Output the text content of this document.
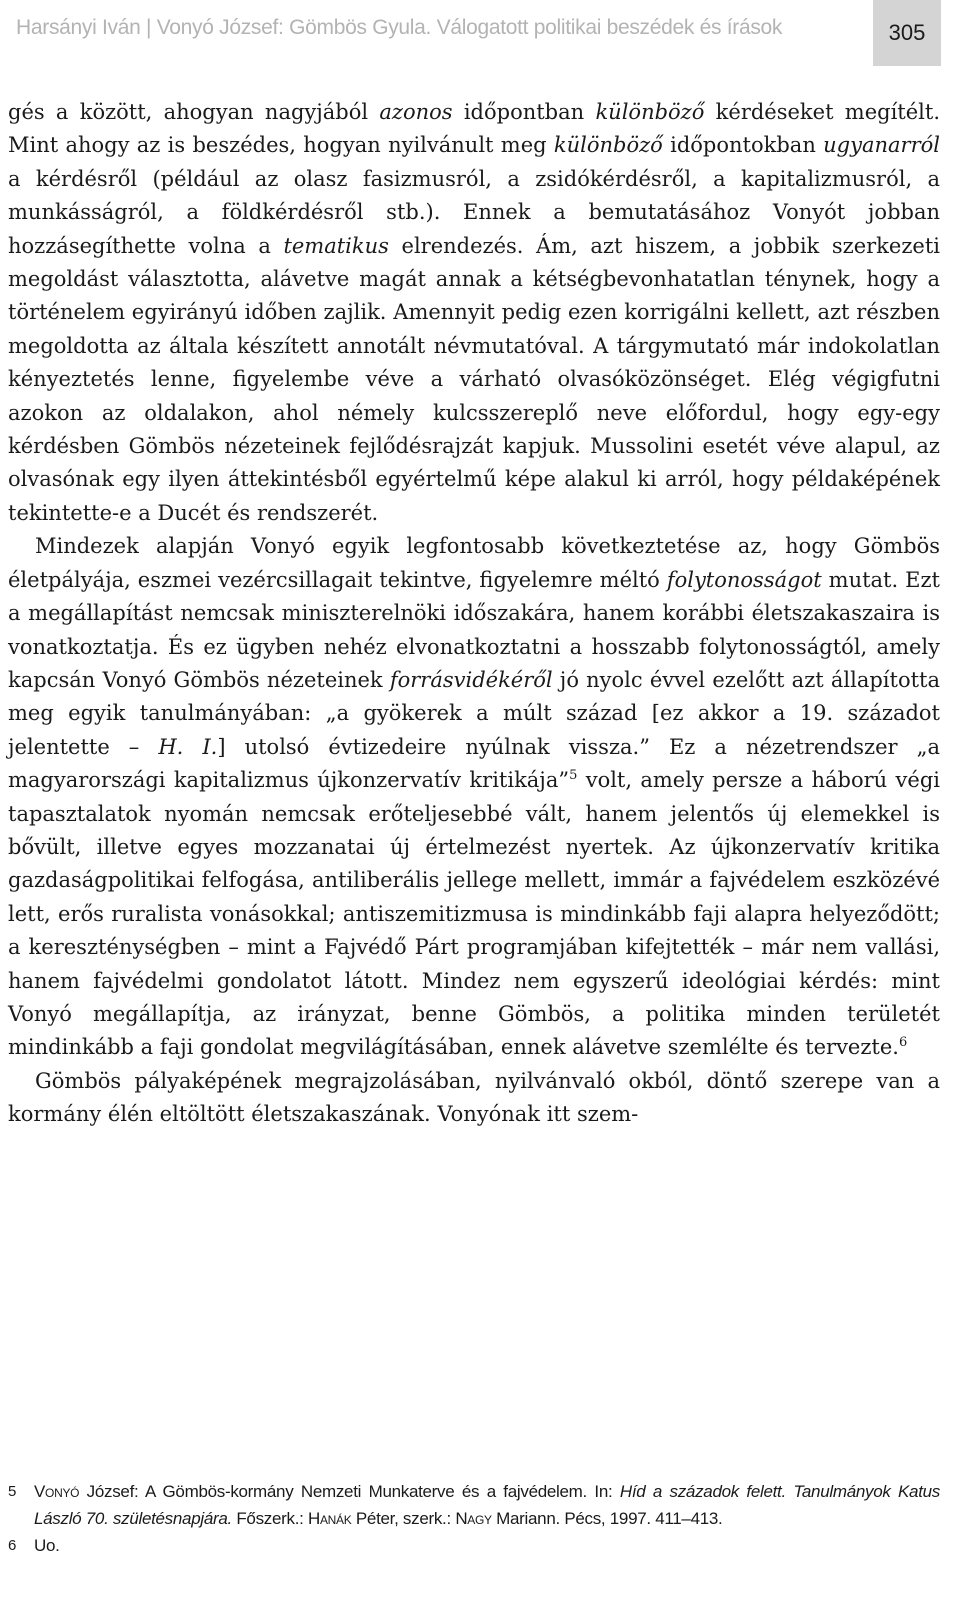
Harsányi Iván | Vonyó József: Gömbös Gyula. Válogatott politikai beszédek és írások	305

gés a között, ahogyan nagyjából azonos időpontban különböző kérdéseket megítélt. Mint ahogy az is beszédes, hogyan nyilvánult meg különböző időpontokban ugyanarról a kérdésről (például az olasz fasizmusról, a zsidókérdésről, a kapitalizmusról, a munkásságról, a földkérdésről stb.). Ennek a bemutatásához Vonyót jobban hozzásegíthette volna a tematikus elrendezés. Ám, azt hiszem, a jobbik szerkezeti megoldást választotta, alávetve magát annak a kétségbevonhatatlan ténynek, hogy a történelem egyirányú időben zajlik. Amennyit pedig ezen korrigálni kellett, azt részben megoldotta az általa készített annotált névmutatóval. A tárgymutató már indokolatlan kényeztetés lenne, figyelembe véve a várható olvasóközönséget. Elég végigfutni azokon az oldalakon, ahol némely kulcsszereplő neve előfordul, hogy egy-egy kérdésben Gömbös nézeteinek fejlődésrajzát kapjuk. Mussolini esetét véve alapul, az olvasónak egy ilyen áttekintésből egyértelmű képe alakul ki arról, hogy példaképének tekintette-e a Ducét és rendszerét.

Mindezek alapján Vonyó egyik legfontosabb következtetése az, hogy Gömbös életpályája, eszmei vezércsillagait tekintve, figyelemre méltó folytonosságot mutat. Ezt a megállapítást nemcsak miniszterelnöki időszakára, hanem korábbi életszakaszaira is vonatkoztatja. És ez ügyben nehéz elvonatkoztatni a hosszabb folytonosságtól, amely kapcsán Vonyó Gömbös nézeteinek forrásvidékéről jó nyolc évvel ezelőtt azt állapította meg egyik tanulmányában: „a gyökerek a múlt század [ez akkor a 19. századot jelentette – H. I.] utolsó évtizedeire nyúlnak vissza.” Ez a nézetrendszer „a magyarországi kapitalizmus újkonzervatív kritikája”$^5$ volt, amely persze a háború végi tapasztalatok nyomán nemcsak erőteljesebbé vált, hanem jelentős új elemekkel is bővült, illetve egyes mozzanatai új értelmezést nyertek. Az újkonzervatív kritika gazdaságpolitikai felfogása, antiliberális jellege mellett, immár a fajvédelem eszközévé lett, erős ruralista vonásokkal; antiszemitizmusa is mindinkább faji alapra helyeződött; a kereszténységben – mint a Fajvédő Párt programjában kifejtették – már nem vallási, hanem fajvédelmi gondolatot látott. Mindez nem egyszerű ideológiai kérdés: mint Vonyó megállapítja, az irányzat, benne Gömbös, a politika minden területét mindinkább a faji gondolat megvilágításában, ennek alávetve szemlélte és tervezte.$^6$

Gömbös pályaképének megrajzolásában, nyilvánvaló okból, döntő szerepe van a kormány élén eltöltött életszakaszának. Vonyónak itt szem-

5	Vonyó József: A Gömbös-kormány Nemzeti Munkaterve és a fajvédelem. In: Híd a századok felett. Tanulmányok Katus László 70. születésnapjára. Főszerk.: Hanák Péter, szerk.: Nagy Mariann. Pécs, 1997. 411–413.
6	Uo.
